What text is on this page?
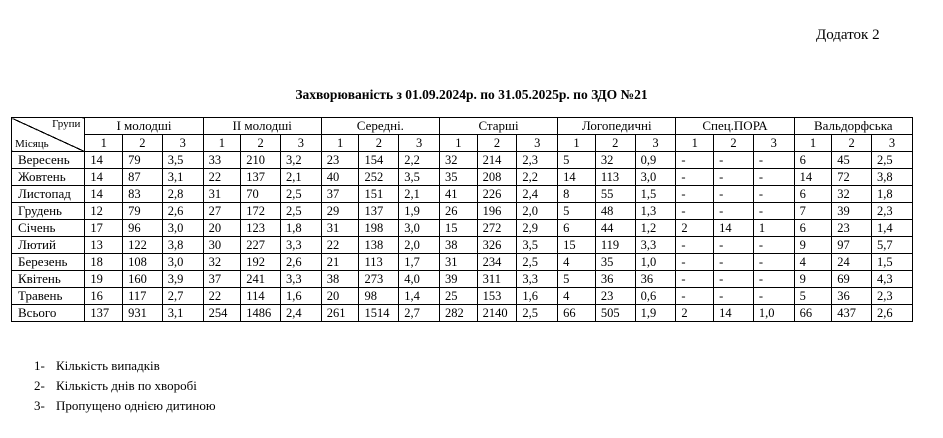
Додаток 2
Захворюваність з 01.09.2024р. по 31.05.2025р. по ЗДО №21
Групи
Місяць	І молодші			ІІ молодші			Середні.			Старші			Логопедичні			Спец.ПОРА			Вальдорфська		
	1	2	3	1	2	3	1	2	3	1	2	3	1	2	3	1	2	3	1	2	3
Вересень	14	79	3,5	33	210	3,2	23	154	2,2	32	214	2,3	5	32	0,9	-	-	-	6	45	2,5
Жовтень	14	87	3,1	22	137	2,1	40	252	3,5	35	208	2,2	14	113	3,0	-	-	-	14	72	3,8
Листопад	14	83	2,8	31	70	2,5	37	151	2,1	41	226	2,4	8	55	1,5	-	-	-	6	32	1,8
Грудень	12	79	2,6	27	172	2,5	29	137	1,9	26	196	2,0	5	48	1,3	-	-	-	7	39	2,3
Січень	17	96	3,0	20	123	1,8	31	198	3,0	15	272	2,9	6	44	1,2	2	14	1	6	23	1,4
Лютий	13	122	3,8	30	227	3,3	22	138	2,0	38	326	3,5	15	119	3,3	-	-	-	9	97	5,7
Березень	18	108	3,0	32	192	2,6	21	113	1,7	31	234	2,5	4	35	1,0	-	-	-	4	24	1,5
Квітень	19	160	3,9	37	241	3,3	38	273	4,0	39	311	3,3	5	36	36	-	-	-	9	69	4,3
Травень	16	117	2,7	22	114	1,6	20	98	1,4	25	153	1,6	4	23	0,6	-	-	-	5	36	2,3
Всього	137	931	3,1	254	1486	2,4	261	1514	2,7	282	2140	2,5	66	505	1,9	2	14	1,0	66	437	2,6
1- Кількість випадків
2- Кількість днів по хворобі
3- Пропущено однією дитиною
